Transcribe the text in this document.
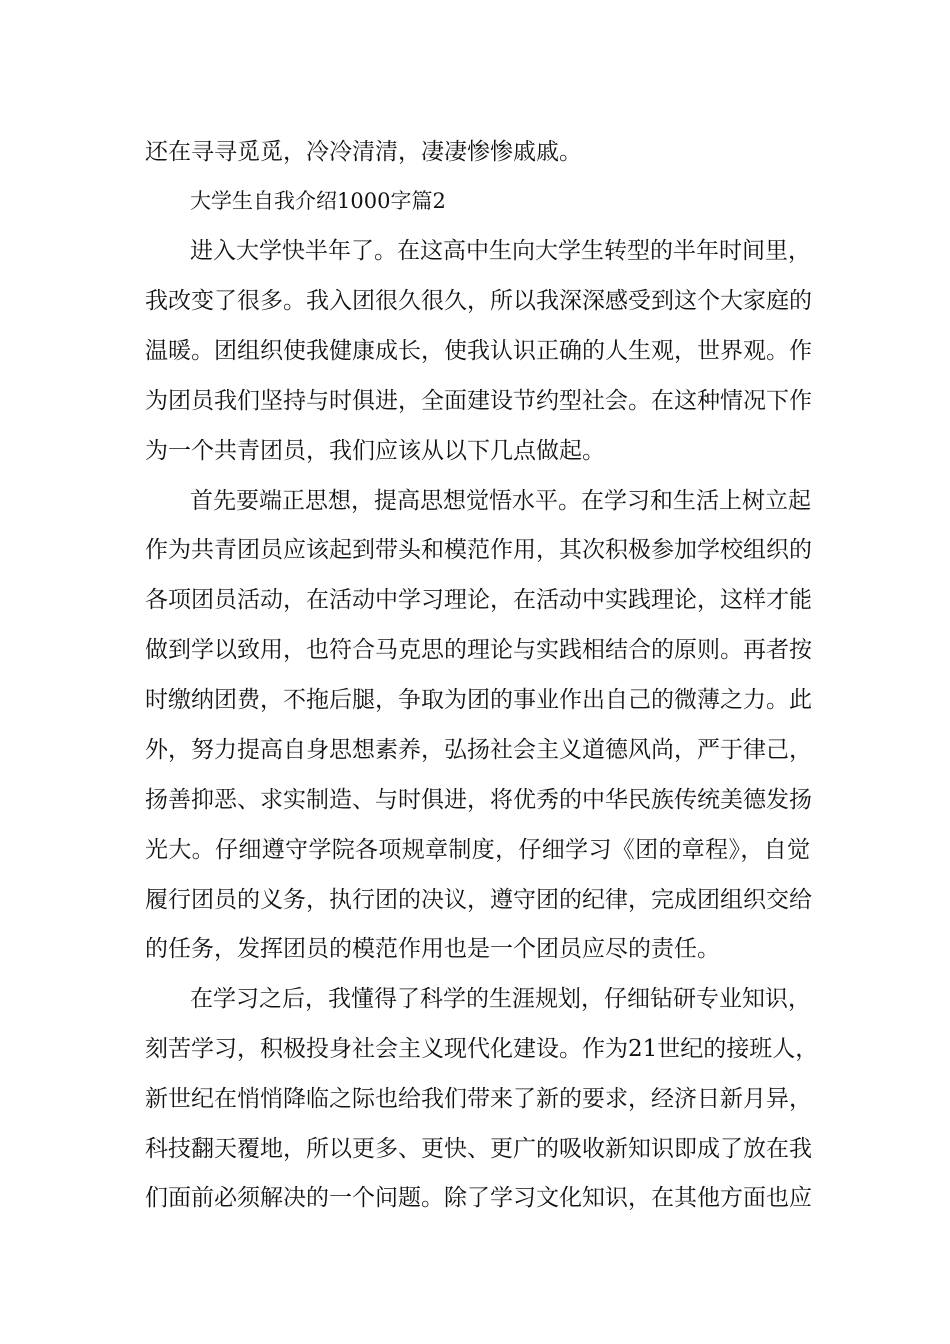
还在寻寻觅觅，冷冷清清，凄凄惨惨戚戚。
大学生自我介绍1000字篇2
进入大学快半年了。在这高中生向大学生转型的半年时间里，
我改变了很多。我入团很久很久，所以我深深感受到这个大家庭的
温暖。团组织使我健康成长，使我认识正确的人生观，世界观。作
为团员我们坚持与时俱进，全面建设节约型社会。在这种情况下作
为一个共青团员，我们应该从以下几点做起。
首先要端正思想，提高思想觉悟水平。在学习和生活上树立起
作为共青团员应该起到带头和模范作用，其次积极参加学校组织的
各项团员活动，在活动中学习理论，在活动中实践理论，这样才能
做到学以致用，也符合马克思的理论与实践相结合的原则。再者按
时缴纳团费，不拖后腿，争取为团的事业作出自己的微薄之力。此
外，努力提高自身思想素养，弘扬社会主义道德风尚，严于律己，
扬善抑恶、求实制造、与时俱进，将优秀的中华民族传统美德发扬
光大。仔细遵守学院各项规章制度，仔细学习《团的章程》，自觉
履行团员的义务，执行团的决议，遵守团的纪律，完成团组织交给
的任务，发挥团员的模范作用也是一个团员应尽的责任。
在学习之后，我懂得了科学的生涯规划，仔细钻研专业知识，
刻苦学习，积极投身社会主义现代化建设。作为21世纪的接班人，
新世纪在悄悄降临之际也给我们带来了新的要求，经济日新月异，
科技翻天覆地，所以更多、更快、更广的吸收新知识即成了放在我
们面前必须解决的一个问题。除了学习文化知识，在其他方面也应
